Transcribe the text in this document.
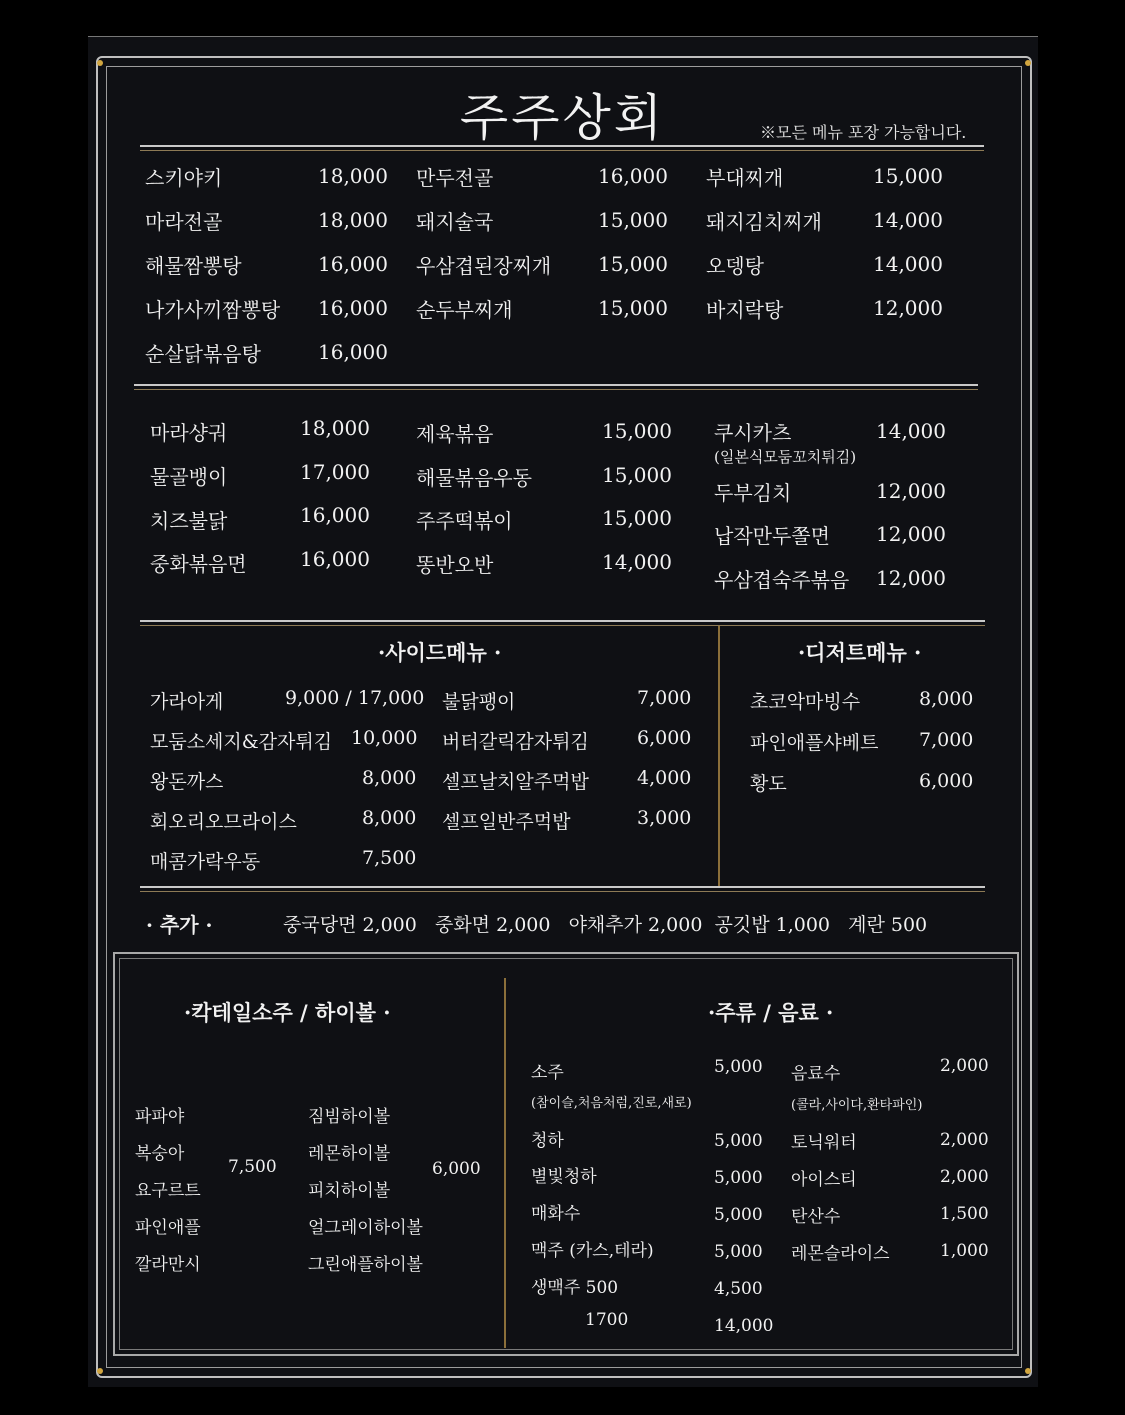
주주상회	※모든 메뉴 포장 가능합니다.
스키야키	18,000
마라전골	18,000
해물짬뽕탕	16,000
나가사끼짬뽕탕 16,000
순살닭볶음탕	16,000
만두전골	16,000
돼지술국	15,000
우삼겹된장찌개 15,000
순두부찌개	15,000
부대찌개	15,000
돼지김치찌개	14,000
오뎅탕	14,000
바지락탕	12,000
마라샹궈	18,000
물골뱅이	17,000
치즈불닭	16,000
중화볶음면	16,000
제육볶음	15,000
해물볶음우동	15,000
주주떡볶이	15,000
똥반오반	14,000
쿠시카츠	14,000
(일본식모둠꼬치튀김)
두부김치	12,000
납작만두쫄면 12,000
우삼겹숙주볶음 12,000
·사이드메뉴 ·
가라아게	9,000 / 17,000
모둠소세지&감자튀김 10,000
왕돈까스	8,000
회오리오므라이스	8,000
매콤가락우동	7,500
불닭팽이	7,000
버터갈릭감자튀김	6,000
셀프날치알주먹밥	4,000
셀프일반주먹밥	3,000
·디저트메뉴 ·
초코악마빙수	8,000
파인애플샤베트 7,000
황도	6,000
· 추가 ·	중국당면 2,000   중화면 2,000   야채추가 2,000  공깃밥 1,000   계란 500
·칵테일소주 / 하이볼 ·
파파야
복숭아
요구르트
파인애플
깔라만시
7,500
짐빔하이볼
레몬하이볼
피치하이볼
얼그레이하이볼
그린애플하이볼
6,000
·주류 / 음료 ·
소주	5,000
(참이슬,처음처럼,진로,새로)
청하	5,000
별빛청하	5,000
매화수	5,000
맥주 (카스,테라)	5,000
생맥주 500	4,500
1700	14,000
음료수	2,000
(콜라,사이다,환타파인)
토닉워터	2,000
아이스티	2,000
탄산수	1,500
레몬슬라이스	1,000
